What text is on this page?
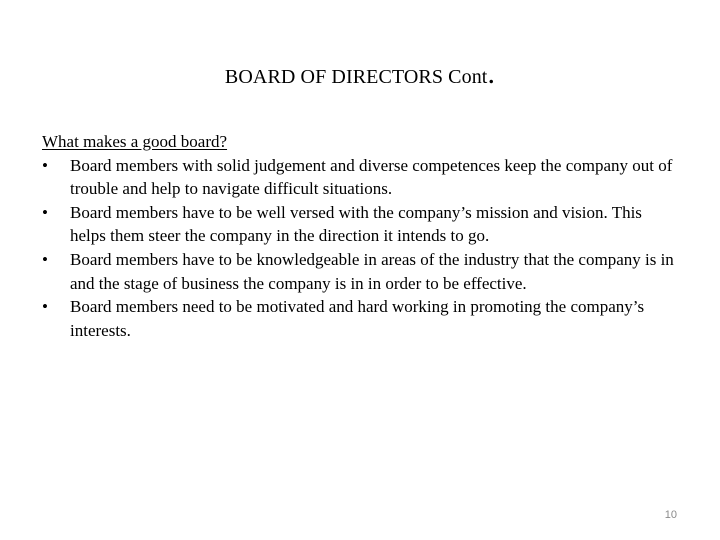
BOARD OF DIRECTORS Cont.
What makes a good board?
•	Board members with solid judgement and diverse competences keep the company out of trouble and help to navigate difficult situations.
•	Board members have to be well versed with the company’s mission and vision. This helps them steer the company in the direction it intends to go.
•	Board members have to be knowledgeable in areas of the industry that the company is in and the stage of business the company is in in order to be effective.
•	Board members need to be motivated and hard working in promoting the company’s interests.
10
